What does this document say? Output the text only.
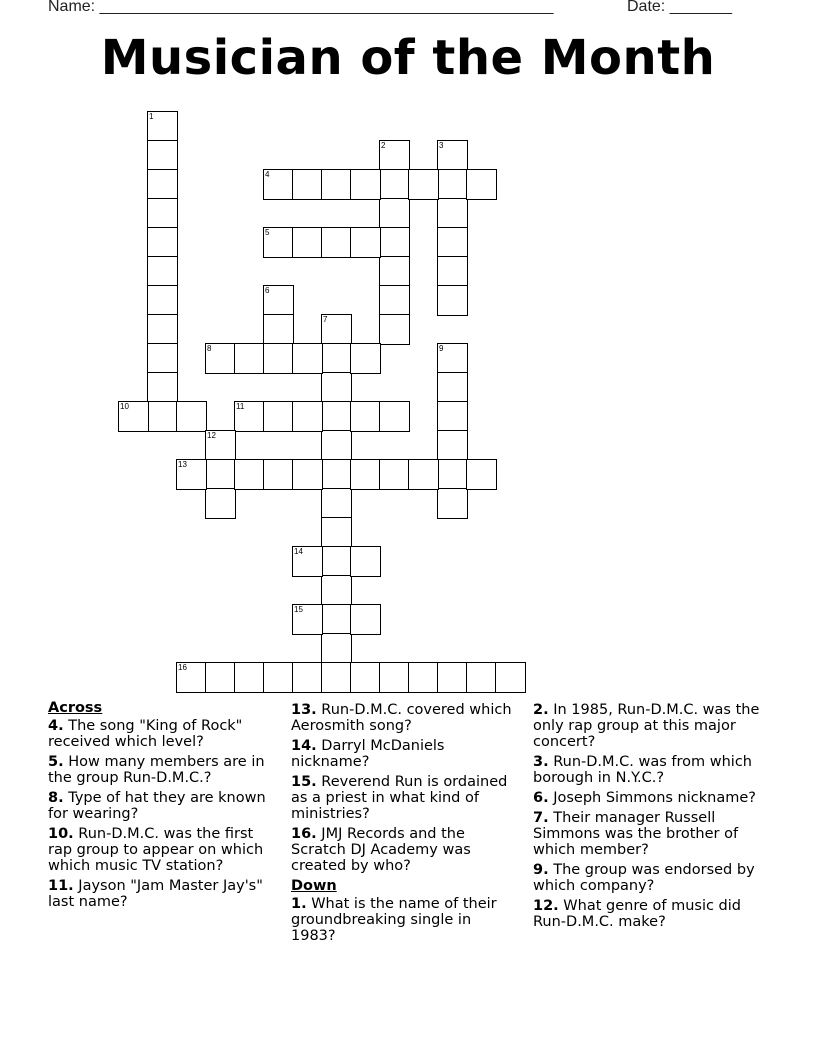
Name: ___________________________________________________	Date: _______
Musician of the Month
1
2	3
4
5
6
7
8	9
10	11
12
13
14
15
16
Across
4. The song "King of Rock" received which level?
5. How many members are in the group Run-D.M.C.?
8. Type of hat they are known for wearing?
10. Run-D.M.C. was the first rap group to appear on which which music TV station?
11. Jayson "Jam Master Jay's" last name?
13. Run-D.M.C. covered which Aerosmith song?
14. Darryl McDaniels nickname?
15. Reverend Run is ordained as a priest in what kind of ministries?
16. JMJ Records and the Scratch DJ Academy was created by who?
Down
1. What is the name of their groundbreaking single in 1983?
2. In 1985, Run-D.M.C. was the only rap group at this major concert?
3. Run-D.M.C. was from which borough in N.Y.C.?
6. Joseph Simmons nickname?
7. Their manager Russell Simmons was the brother of which member?
9. The group was endorsed by which company?
12. What genre of music did Run-D.M.C. make?
